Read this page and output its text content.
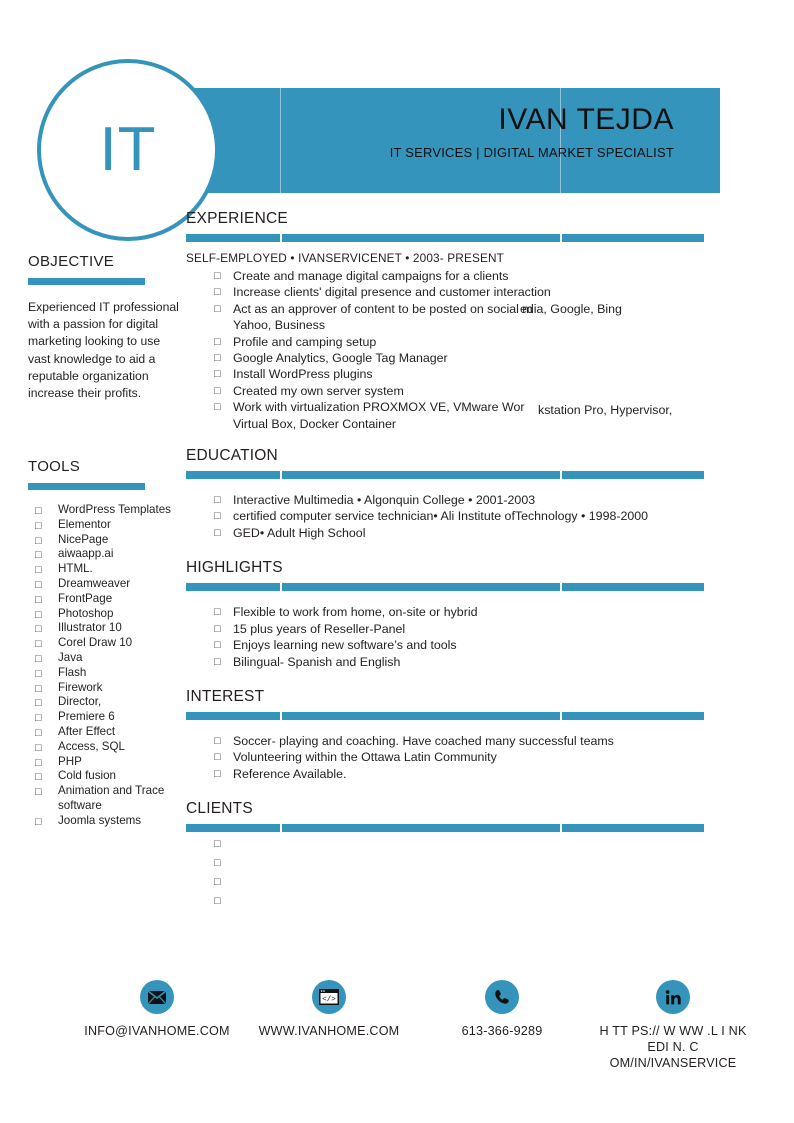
IVAN TEJDA
IT SERVICES | DIGITAL MARKET SPECIALIST
IT
OBJECTIVE
Experienced IT professional with a passion for digital marketing looking to use vast knowledge to aid a reputable organization increase their profits.
TOOLS
□ WordPress Templates
□ Elementor
□ NicePage
□ aiwaapp.ai
□ HTML.
□ Dreamweaver
□ FrontPage
□ Photoshop
□ Illustrator 10
□ Corel Draw 10
□ Java
□ Flash
□ Firework
□ Director,
□ Premiere 6
□ After Effect
□ Access, SQL
□ PHP
□ Cold fusion
□ Animation and Trace software
□ Joomla systems
EXPERIENCE
SELF-EMPLOYED • IVANSERVICENET • 2003- PRESENT
□ Create and manage digital campaigns for a clients
□ Increase clients' digital presence and customer interaction
□ Act as an approver of content to be posted on social m
edia, Google, Bing
Yahoo, Business
□ Profile and camping setup
□ Google Analytics, Google Tag Manager
□ Install WordPress plugins
□ Created my own server system
□ Work with virtualization PROXMOX VE, VMware Wor kstation Pro, Hypervisor,
Virtual Box, Docker Container
EDUCATION
□ Interactive Multimedia • Algonquin College • 2001-2003
□ certified computer service technician• Ali Institute ofTechnology • 1998-2000
□ GED• Adult High School
HIGHLIGHTS
□ Flexible to work from home, on-site or hybrid
□ 15 plus years of Reseller-Panel
□ Enjoys learning new software’s and tools
□ Bilingual- Spanish and English
INTEREST
□ Soccer- playing and coaching. Have coached many successful teams
□ Volunteering within the Ottawa Latin Community
□ Reference Available.
CLIENTS
□
□
□
□
INFO@IVANHOME.COM
</>
WWW.IVANHOME.COM	613-366-9289	H TT PS:// W WW .L I NK EDI N. C OM/IN/IVANSERVICE
